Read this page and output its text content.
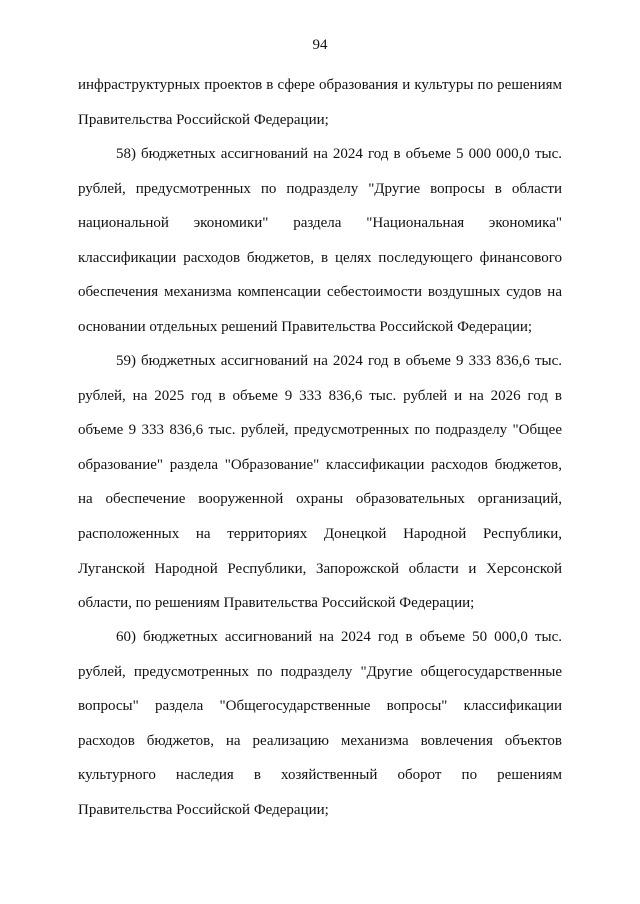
94

инфраструктурных проектов в сфере образования и культуры по решениям
Правительства Российской Федерации;

58) бюджетных ассигнований на 2024 год в объеме 5 000 000,0 тыс.
рублей, предусмотренных по подразделу "Другие вопросы в области
национальной экономики" раздела "Национальная экономика"
классификации расходов бюджетов, в целях последующего финансового
обеспечения механизма компенсации себестоимости воздушных судов на
основании отдельных решений Правительства Российской Федерации;

59) бюджетных ассигнований на 2024 год в объеме 9 333 836,6 тыс.
рублей, на 2025 год в объеме 9 333 836,6 тыс. рублей и на 2026 год в
объеме 9 333 836,6 тыс. рублей, предусмотренных по подразделу "Общее
образование" раздела "Образование" классификации расходов бюджетов,
на обеспечение вооруженной охраны образовательных организаций,
расположенных на территориях Донецкой Народной Республики,
Луганской Народной Республики, Запорожской области и Херсонской
области, по решениям Правительства Российской Федерации;

60) бюджетных ассигнований на 2024 год в объеме 50 000,0 тыс.
рублей, предусмотренных по подразделу "Другие общегосударственные
вопросы" раздела "Общегосударственные вопросы" классификации
расходов бюджетов, на реализацию механизма вовлечения объектов
культурного наследия в хозяйственный оборот по решениям
Правительства Российской Федерации;
